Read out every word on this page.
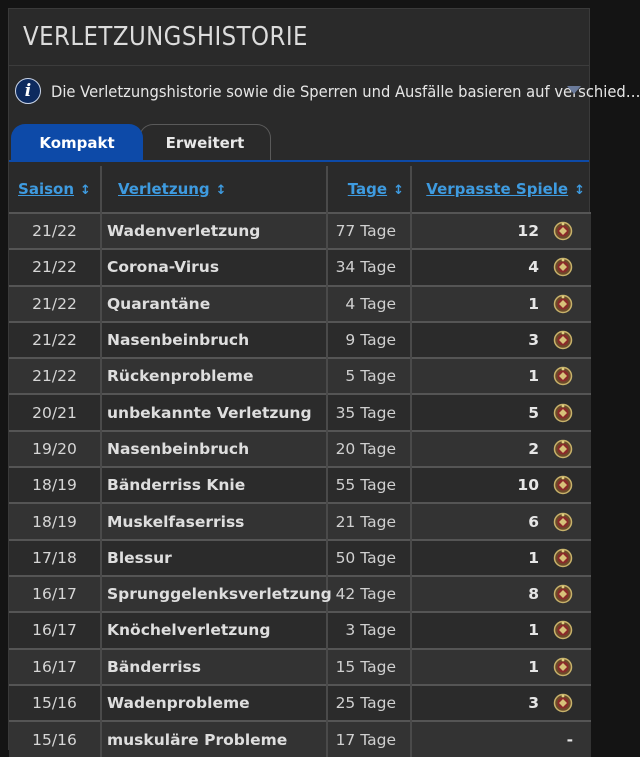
VERLETZUNGSHISTORIE
i	Die Verletzungshistorie sowie die Sperren und Ausfälle basieren auf verschied…
Erweitert
Kompakt
Saison ↕	Verletzung ↕	Tage ↕	Verpasste Spiele ↕
21/22	Wadenverletzung	77 Tage	12

21/22	Corona-Virus	34 Tage	4

21/22	Quarantäne	4 Tage	1

21/22	Nasenbeinbruch	9 Tage	3

21/22	Rückenprobleme	5 Tage	1

20/21	unbekannte Verletzung	35 Tage	5

19/20	Nasenbeinbruch	20 Tage	2

18/19	Bänderriss Knie	55 Tage	10

18/19	Muskelfaserriss	21 Tage	6

17/18	Blessur	50 Tage	1

16/17	Sprunggelenksverletzung	42 Tage	8

16/17	Knöchelverletzung	3 Tage	1

16/17	Bänderriss	15 Tage	1

15/16	Wadenprobleme	25 Tage	3

15/16	muskuläre Probleme	17 Tage	-
